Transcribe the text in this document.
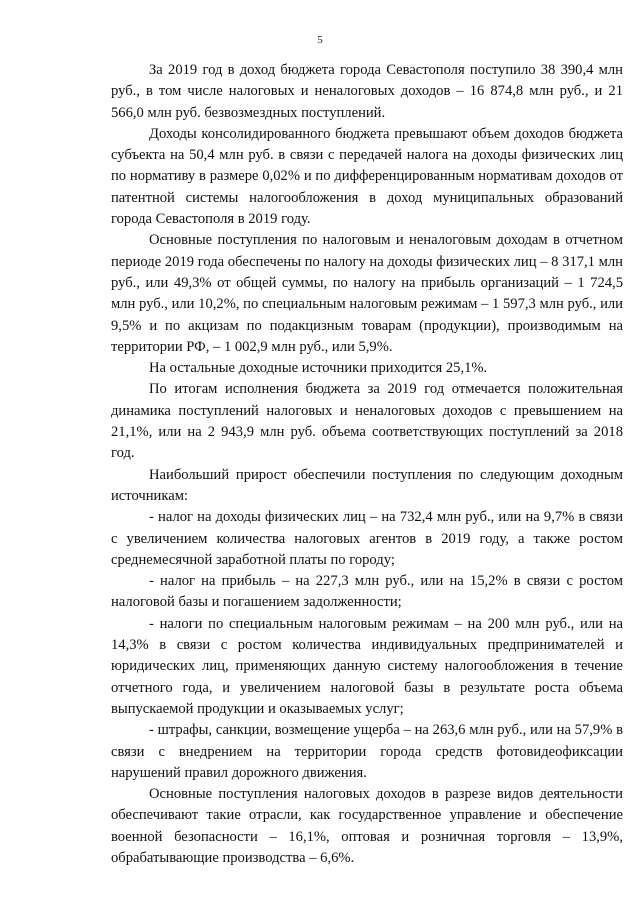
5

За 2019 год в доход бюджета города Севастополя поступило 38 390,4 млн руб., в том числе налоговых и неналоговых доходов – 16 874,8 млн руб., и 21 566,0 млн руб. безвозмездных поступлений.

Доходы консолидированного бюджета превышают объем доходов бюджета субъекта на 50,4 млн руб. в связи с передачей налога на доходы физических лиц по нормативу в размере 0,02% и по дифференцированным нормативам доходов от патентной системы налогообложения в доход муниципальных образований города Севастополя в 2019 году.

Основные поступления по налоговым и неналоговым доходам в отчетном периоде 2019 года обеспечены по налогу на доходы физических лиц – 8 317,1 млн руб., или 49,3% от общей суммы, по налогу на прибыль организаций – 1 724,5 млн руб., или 10,2%, по специальным налоговым режимам – 1 597,3 млн руб., или 9,5% и по акцизам по подакцизным товарам (продукции), производимым на территории РФ, – 1 002,9 млн руб., или 5,9%.

На остальные доходные источники приходится 25,1%.

По итогам исполнения бюджета за 2019 год отмечается положительная динамика поступлений налоговых и неналоговых доходов с превышением на 21,1%, или на 2 943,9 млн руб. объема соответствующих поступлений за 2018 год.

Наибольший прирост обеспечили поступления по следующим доходным источникам:

- налог на доходы физических лиц – на 732,4 млн руб., или на 9,7% в связи с увеличением количества налоговых агентов в 2019 году, а также ростом среднемесячной заработной платы по городу;

- налог на прибыль – на 227,3 млн руб., или на 15,2% в связи с ростом налоговой базы и погашением задолженности;

- налоги по специальным налоговым режимам – на 200 млн руб., или на 14,3% в связи с ростом количества индивидуальных предпринимателей и юридических лиц, применяющих данную систему налогообложения в течение отчетного года, и увеличением налоговой базы в результате роста объема выпускаемой продукции и оказываемых услуг;

- штрафы, санкции, возмещение ущерба – на 263,6 млн руб., или на 57,9% в связи с внедрением на территории города средств фотовидеофиксации нарушений правил дорожного движения.

Основные поступления налоговых доходов в разрезе видов деятельности обеспечивают такие отрасли, как государственное управление и обеспечение военной безопасности – 16,1%, оптовая и розничная торговля – 13,9%, обрабатывающие производства – 6,6%.
